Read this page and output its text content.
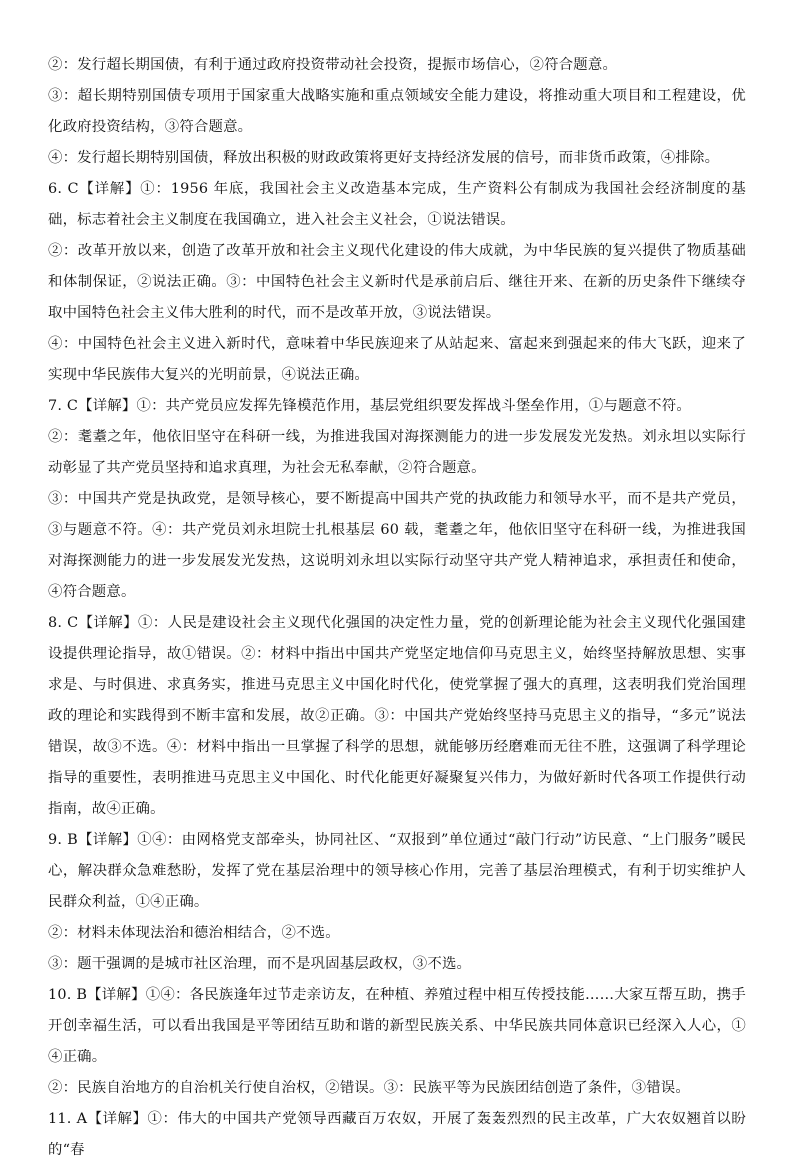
②：发行超长期国债，有利于通过政府投资带动社会投资，提振市场信心，②符合题意。

③：超长期特别国债专项用于国家重大战略实施和重点领域安全能力建设，将推动重大项目和工程建设，优化政府投资结构，③符合题意。

④：发行超长期特别国债，释放出积极的财政政策将更好支持经济发展的信号，而非货币政策，④排除。

6. C【详解】①：1956 年底，我国社会主义改造基本完成，生产资料公有制成为我国社会经济制度的基础，标志着社会主义制度在我国确立，进入社会主义社会，①说法错误。

②：改革开放以来，创造了改革开放和社会主义现代化建设的伟大成就，为中华民族的复兴提供了物质基础和体制保证，②说法正确。③：中国特色社会主义新时代是承前启后、继往开来、在新的历史条件下继续夺取中国特色社会主义伟大胜利的时代，而不是改革开放，③说法错误。

④：中国特色社会主义进入新时代，意味着中华民族迎来了从站起来、富起来到强起来的伟大飞跃，迎来了实现中华民族伟大复兴的光明前景，④说法正确。

7. C【详解】①：共产党员应发挥先锋模范作用，基层党组织要发挥战斗堡垒作用，①与题意不符。

②：耄耋之年，他依旧坚守在科研一线，为推进我国对海探测能力的进一步发展发光发热。刘永坦以实际行动彰显了共产党员坚持和追求真理，为社会无私奉献，②符合题意。

③：中国共产党是执政党，是领导核心，要不断提高中国共产党的执政能力和领导水平，而不是共产党员，③与题意不符。④：共产党员刘永坦院士扎根基层 60 载，耄耋之年，他依旧坚守在科研一线，为推进我国对海探测能力的进一步发展发光发热，这说明刘永坦以实际行动坚守共产党人精神追求，承担责任和使命，④符合题意。

8. C【详解】①：人民是建设社会主义现代化强国的决定性力量，党的创新理论能为社会主义现代化强国建设提供理论指导，故①错误。②：材料中指出中国共产党坚定地信仰马克思主义，始终坚持解放思想、实事求是、与时俱进、求真务实，推进马克思主义中国化时代化，使党掌握了强大的真理，这表明我们党治国理政的理论和实践得到不断丰富和发展，故②正确。③：中国共产党始终坚持马克思主义的指导，“多元”说法错误，故③不选。④：材料中指出一旦掌握了科学的思想，就能够历经磨难而无往不胜，这强调了科学理论指导的重要性，表明推进马克思主义中国化、时代化能更好凝聚复兴伟力，为做好新时代各项工作提供行动指南，故④正确。

9. B【详解】①④：由网格党支部牵头，协同社区、“双报到”单位通过“敲门行动”访民意、“上门服务”暖民心，解决群众急难愁盼，发挥了党在基层治理中的领导核心作用，完善了基层治理模式，有利于切实维护人民群众利益，①④正确。

②：材料未体现法治和德治相结合，②不选。

③：题干强调的是城市社区治理，而不是巩固基层政权，③不选。

10. B【详解】①④：各民族逢年过节走亲访友，在种植、养殖过程中相互传授技能……大家互帮互助，携手开创幸福生活，可以看出我国是平等团结互助和谐的新型民族关系、中华民族共同体意识已经深入人心，①④正确。

②：民族自治地方的自治机关行使自治权，②错误。③：民族平等为民族团结创造了条件，③错误。

11. A【详解】①：伟大的中国共产党领导西藏百万农奴，开展了轰轰烈烈的民主改革，广大农奴翘首以盼的“春
